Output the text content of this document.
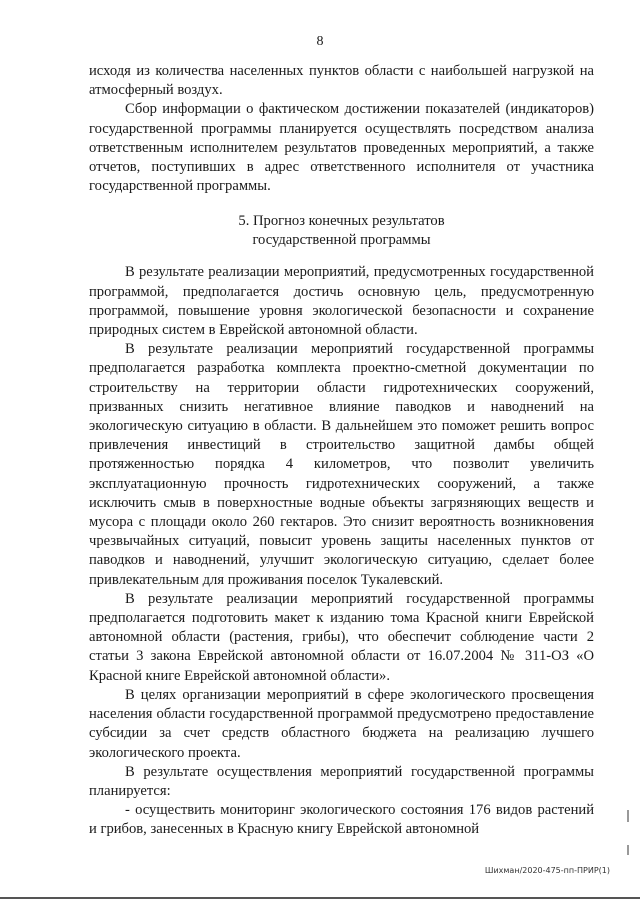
8

исходя из количества населенных пунктов области с наибольшей нагрузкой на атмосферный воздух.

Сбор информации о фактическом достижении показателей (индикаторов) государственной программы планируется осуществлять посредством анализа ответственным исполнителем результатов проведенных мероприятий, а также отчетов, поступивших в адрес ответственного исполнителя от участника государственной программы.

5. Прогноз конечных результатов
государственной программы

В результате реализации мероприятий, предусмотренных государственной программой, предполагается достичь основную цель, предусмотренную программой, повышение уровня экологической безопасности и сохранение природных систем в Еврейской автономной области.

В результате реализации мероприятий государственной программы предполагается разработка комплекта проектно-сметной документации по строительству на территории области гидротехнических сооружений, призванных снизить негативное влияние паводков и наводнений на экологическую ситуацию в области. В дальнейшем это поможет решить вопрос привлечения инвестиций в строительство защитной дамбы общей протяженностью порядка 4 километров, что позволит увеличить эксплуатационную прочность гидротехнических сооружений, а также исключить смыв в поверхностные водные объекты загрязняющих веществ и мусора с площади около 260 гектаров. Это снизит вероятность возникновения чрезвычайных ситуаций, повысит уровень защиты населенных пунктов от паводков и наводнений, улучшит экологическую ситуацию, сделает более привлекательным для проживания поселок Тукалевский.

В результате реализации мероприятий государственной программы предполагается подготовить макет к изданию тома Красной книги Еврейской автономной области (растения, грибы), что обеспечит соблюдение части 2 статьи 3 закона Еврейской автономной области от 16.07.2004 № 311-ОЗ «О Красной книге Еврейской автономной области».

В целях организации мероприятий в сфере экологического просвещения населения области государственной программой предусмотрено предоставление субсидии за счет средств областного бюджета на реализацию лучшего экологического проекта.

В результате осуществления мероприятий государственной программы планируется:

- осуществить мониторинг экологического состояния 176 видов растений и грибов, занесенных в Красную книгу Еврейской автономной

Шихман/2020-475-пп-ПРИР(1)
